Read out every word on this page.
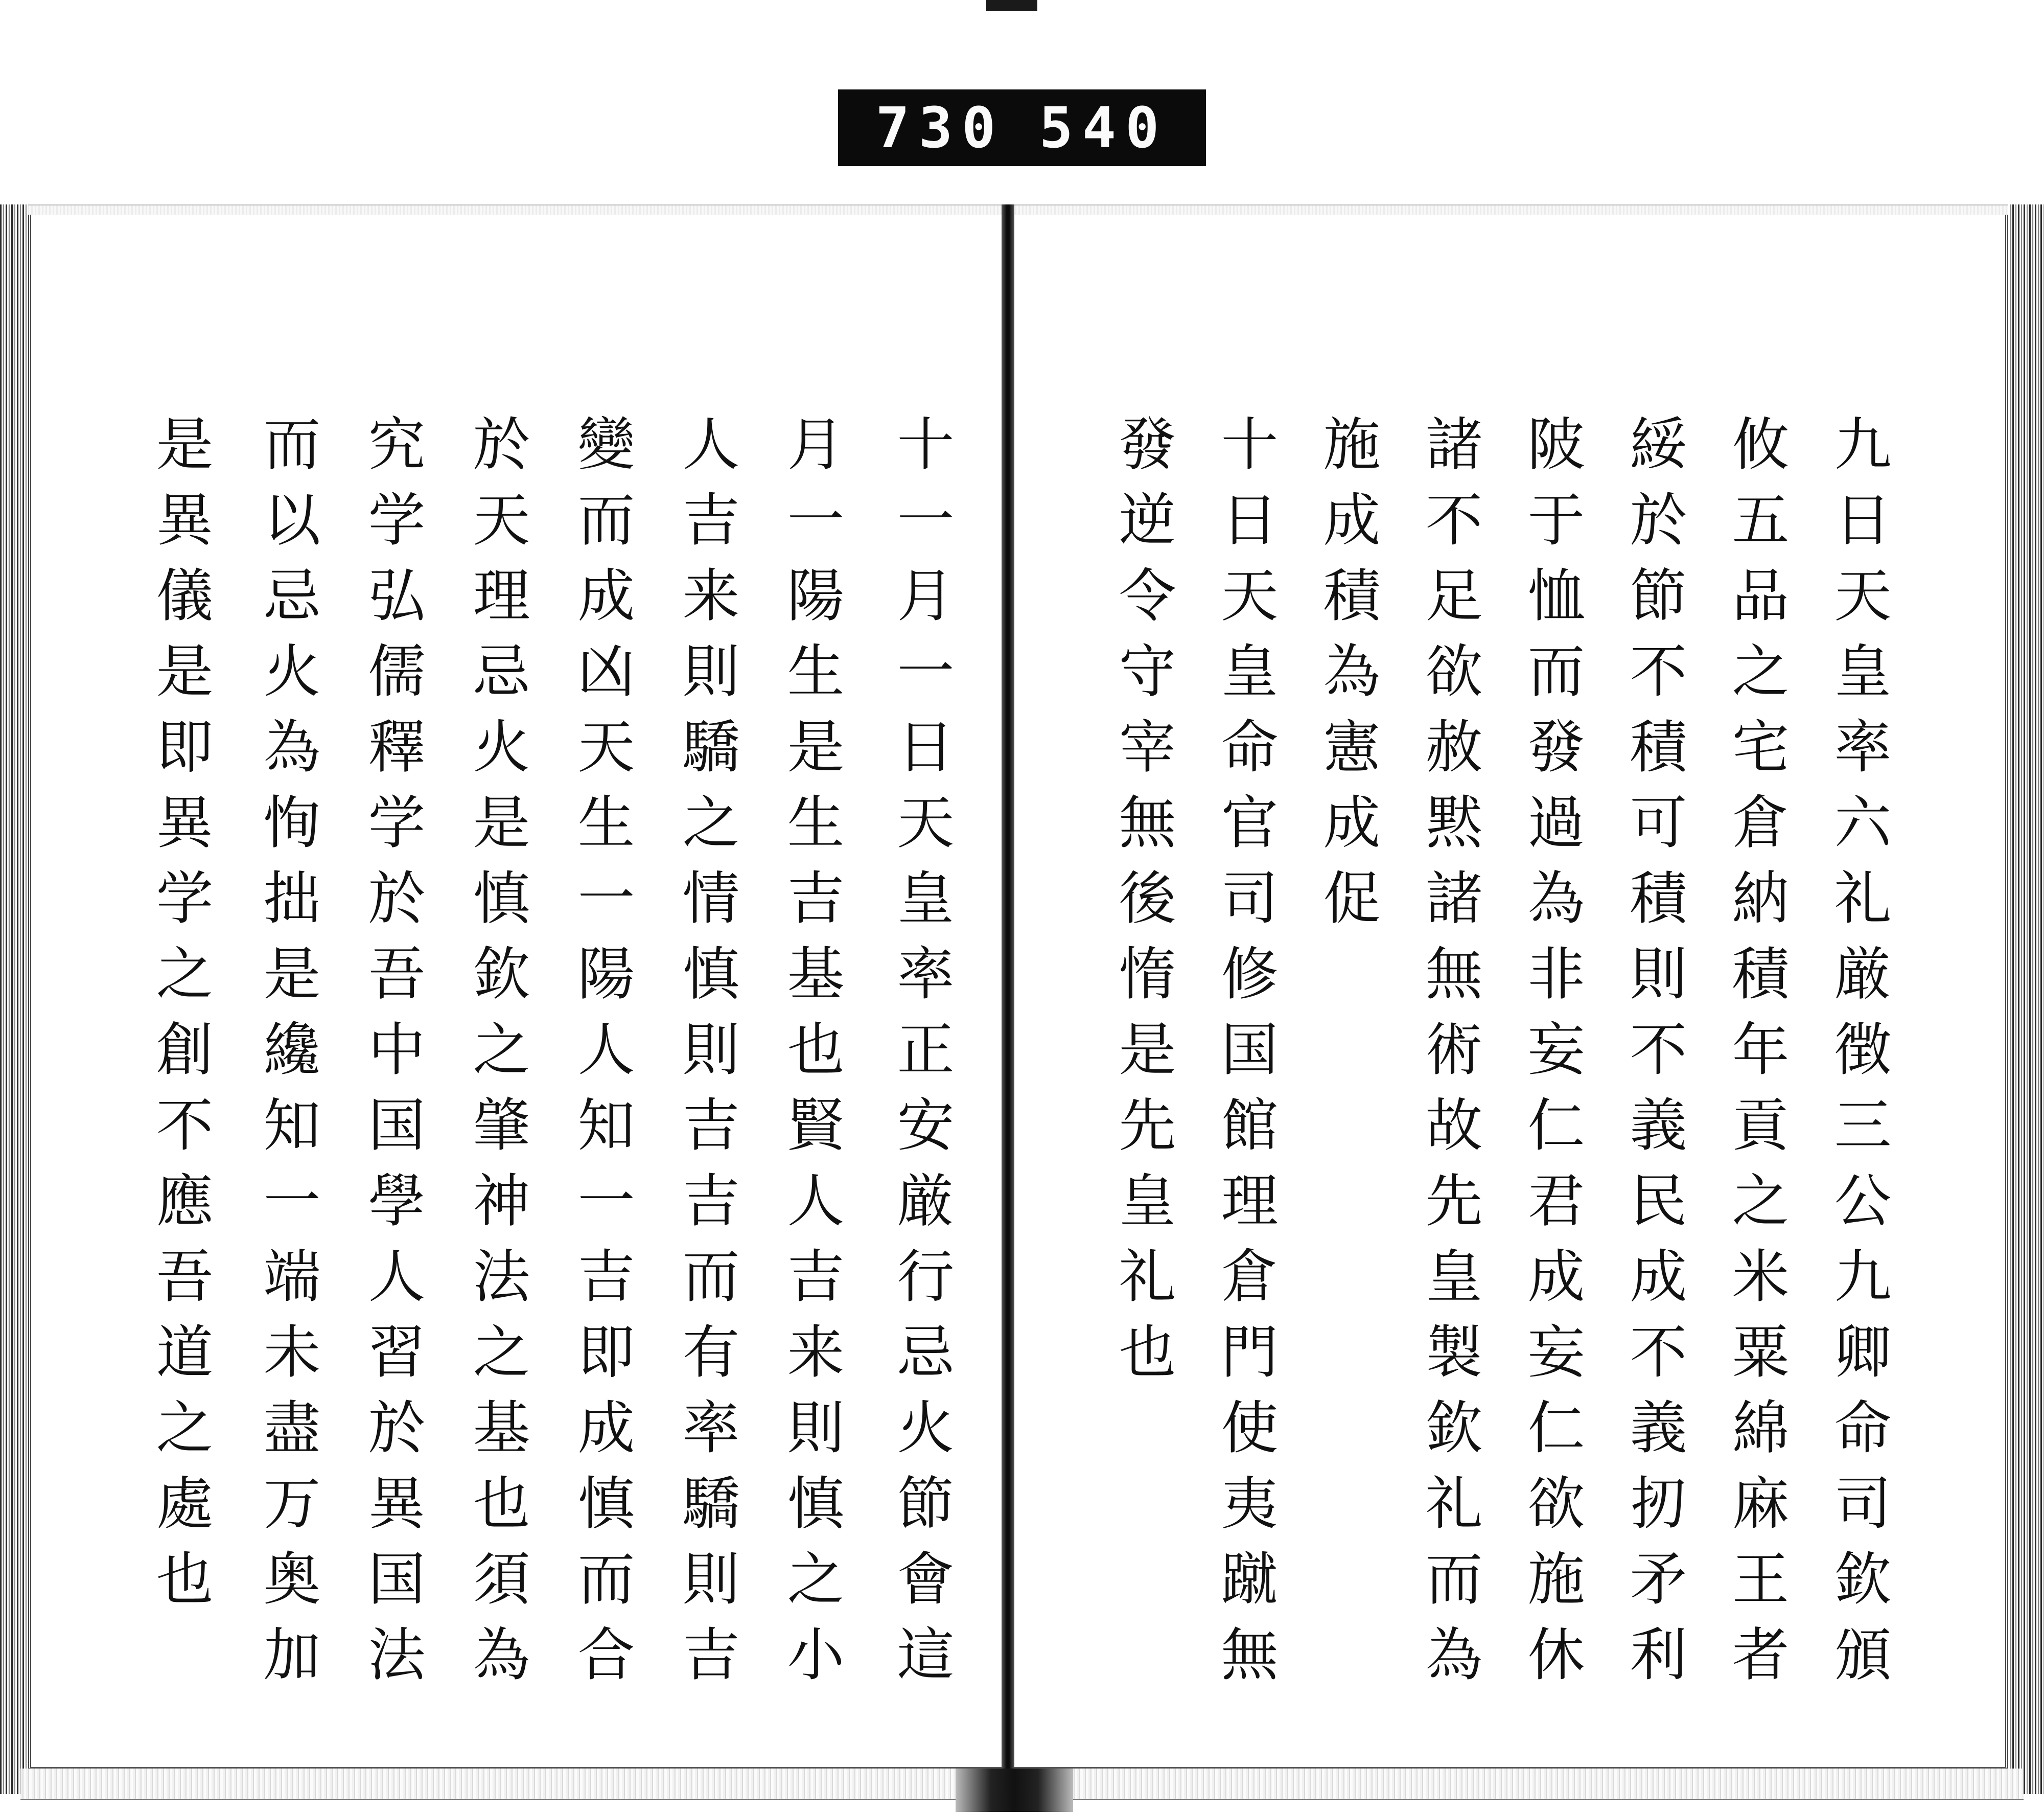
730 540
十一月一日天皇率正安厳行忌火節會這
月一陽生是生吉基也賢人吉来則慎之小
人吉来則驕之情慎則吉吉而有率驕則吉
變而成凶天生一陽人知一吉即成慎而合
於天理忌火是慎欽之肇神法之基也須為
究学弘儒釋学於吾中国學人習於異国法
而以忌火為恂拙是纔知一端未盡万奥加
是異儀是即異学之創不應吾道之處也	九日天皇率六礼厳徴三公九卿命司欽頒
攸五品之宅倉納積年貢之米粟綿麻王者
綏於節不積可積則不義民成不義扨矛利
陂于恤而發過為非妄仁君成妄仁欲施休
諸不足欲赦黙諸無術故先皇製欽礼而為
施成積為憲成促
十日天皇命官司修国館理倉門使夷蹴無
發逆令守宰無後惰是先皇礼也
